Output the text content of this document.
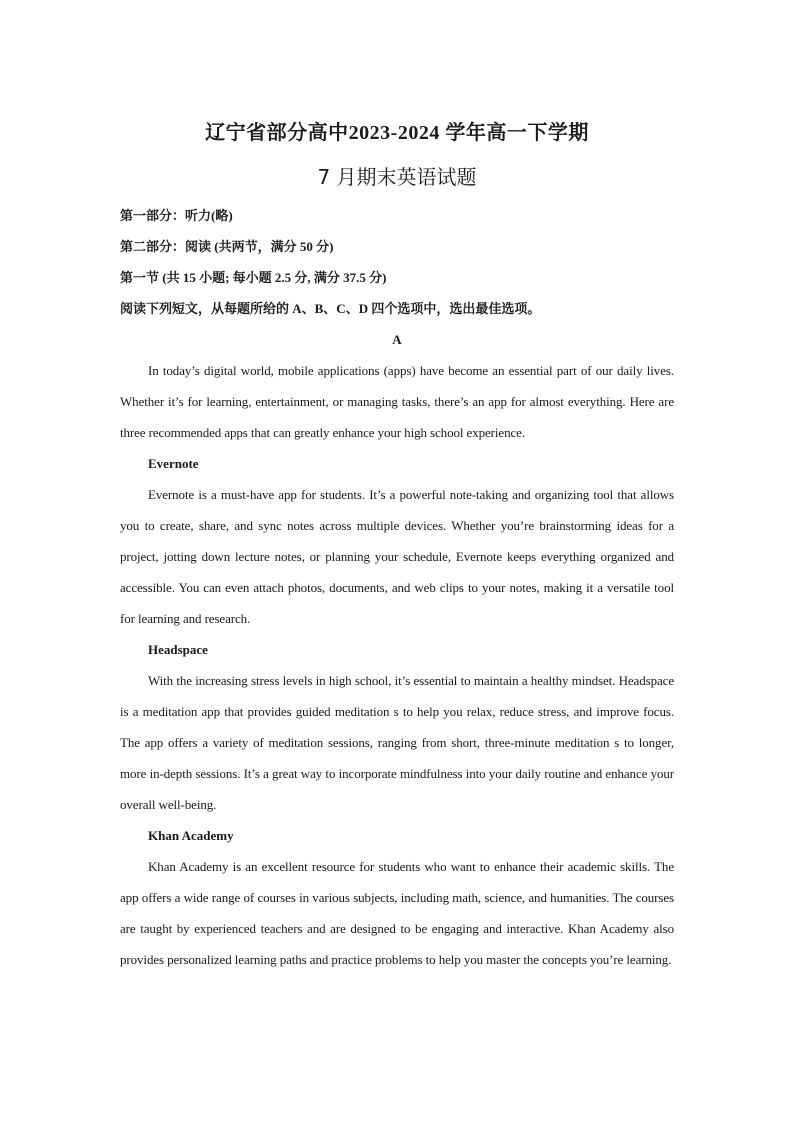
辽宁省部分高中2023-2024 学年高一下学期
7 月期末英语试题

第一部分：听力(略)

第二部分：阅读 (共两节，满分 50 分)

第一节 (共 15 小题; 每小题 2.5 分, 满分 37.5 分)

阅读下列短文，从每题所给的 A、B、C、D 四个选项中，选出最佳选项。

A

In today’s digital world, mobile applications (apps) have become an essential part of our daily lives. Whether it’s for learning, entertainment, or managing tasks, there’s an app for almost everything. Here are three recommended apps that can greatly enhance your high school experience.

Evernote

Evernote is a must-have app for students. It’s a powerful note-taking and organizing tool that allows you to create, share, and sync notes across multiple devices. Whether you’re brainstorming ideas for a project, jotting down lecture notes, or planning your schedule, Evernote keeps everything organized and accessible. You can even attach photos, documents, and web clips to your notes, making it a versatile tool for learning and research.

Headspace

With the increasing stress levels in high school, it’s essential to maintain a healthy mindset. Headspace is a meditation app that provides guided meditation s to help you relax, reduce stress, and improve focus. The app offers a variety of meditation sessions, ranging from short, three-minute meditation s to longer, more in-depth sessions. It’s a great way to incorporate mindfulness into your daily routine and enhance your overall well-being.

Khan Academy

Khan Academy is an excellent resource for students who want to enhance their academic skills. The app offers a wide range of courses in various subjects, including math, science, and humanities. The courses are taught by experienced teachers and are designed to be engaging and interactive. Khan Academy also provides personalized learning paths and practice problems to help you master the concepts you’re learning.
